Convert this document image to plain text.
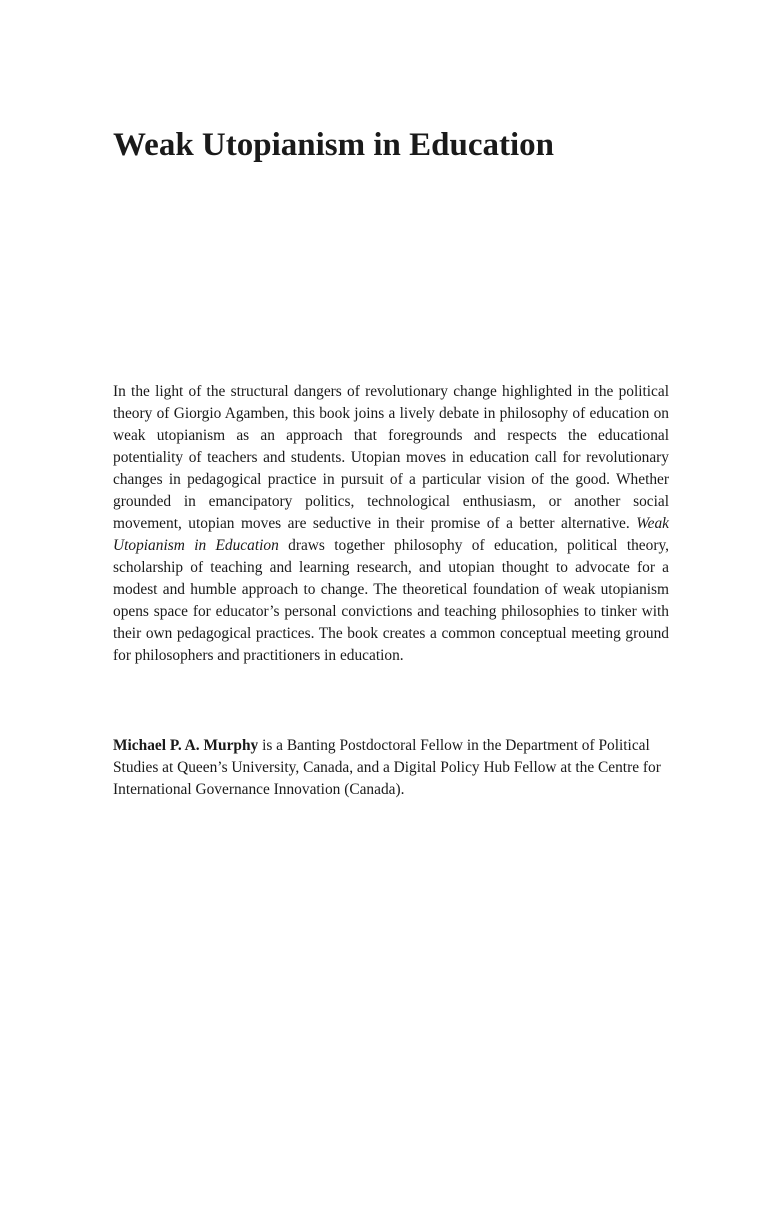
Weak Utopianism in Education

In the light of the structural dangers of revolutionary change highlighted in the political theory of Giorgio Agamben, this book joins a lively debate in philosophy of education on weak utopianism as an approach that foregrounds and respects the educational potentiality of teachers and students. Utopian moves in education call for revolutionary changes in pedagogical practice in pursuit of a particular vision of the good. Whether grounded in emancipatory politics, technological enthusiasm, or another social movement, utopian moves are seductive in their promise of a better alternative. Weak Utopianism in Education draws together philosophy of education, political theory, scholarship of teaching and learning research, and utopian thought to advocate for a modest and humble approach to change. The theoretical foundation of weak utopianism opens space for educator’s personal convictions and teaching philosophies to tinker with their own pedagogical practices. The book creates a common conceptual meeting ground for philosophers and practitioners in education.

Michael P. A. Murphy is a Banting Postdoctoral Fellow in the Department of Political Studies at Queen’s University, Canada, and a Digital Policy Hub Fellow at the Centre for International Governance Innovation (Canada).
